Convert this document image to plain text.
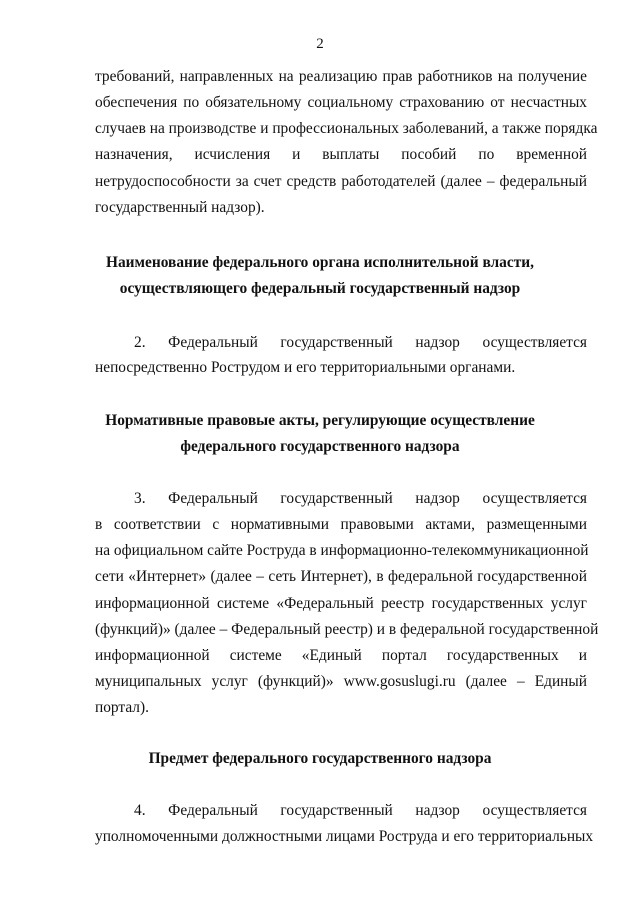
2
требований, направленных на реализацию прав работников на получение
обеспечения по обязательному социальному страхованию от несчастных
случаев на производстве и профессиональных заболеваний, а также порядка
назначения, исчисления и выплаты пособий по временной
нетрудоспособности за счет средств работодателей (далее – федеральный
государственный надзор).
Наименование федерального органа исполнительной власти,
осуществляющего федеральный государственный надзор
2. Федеральный государственный надзор осуществляется
непосредственно Рострудом и его территориальными органами.
Нормативные правовые акты, регулирующие осуществление
федерального государственного надзора
3. Федеральный государственный надзор осуществляется
в соответствии с нормативными правовыми актами, размещенными
на официальном сайте Роструда в информационно-телекоммуникационной
сети «Интернет» (далее – сеть Интернет), в федеральной государственной
информационной системе «Федеральный реестр государственных услуг
(функций)» (далее – Федеральный реестр) и в федеральной государственной
информационной системе «Единый портал государственных и
муниципальных услуг (функций)» www.gosuslugi.ru (далее – Единый
портал).
Предмет федерального государственного надзора
4. Федеральный государственный надзор осуществляется
уполномоченными должностными лицами Роструда и его территориальных
